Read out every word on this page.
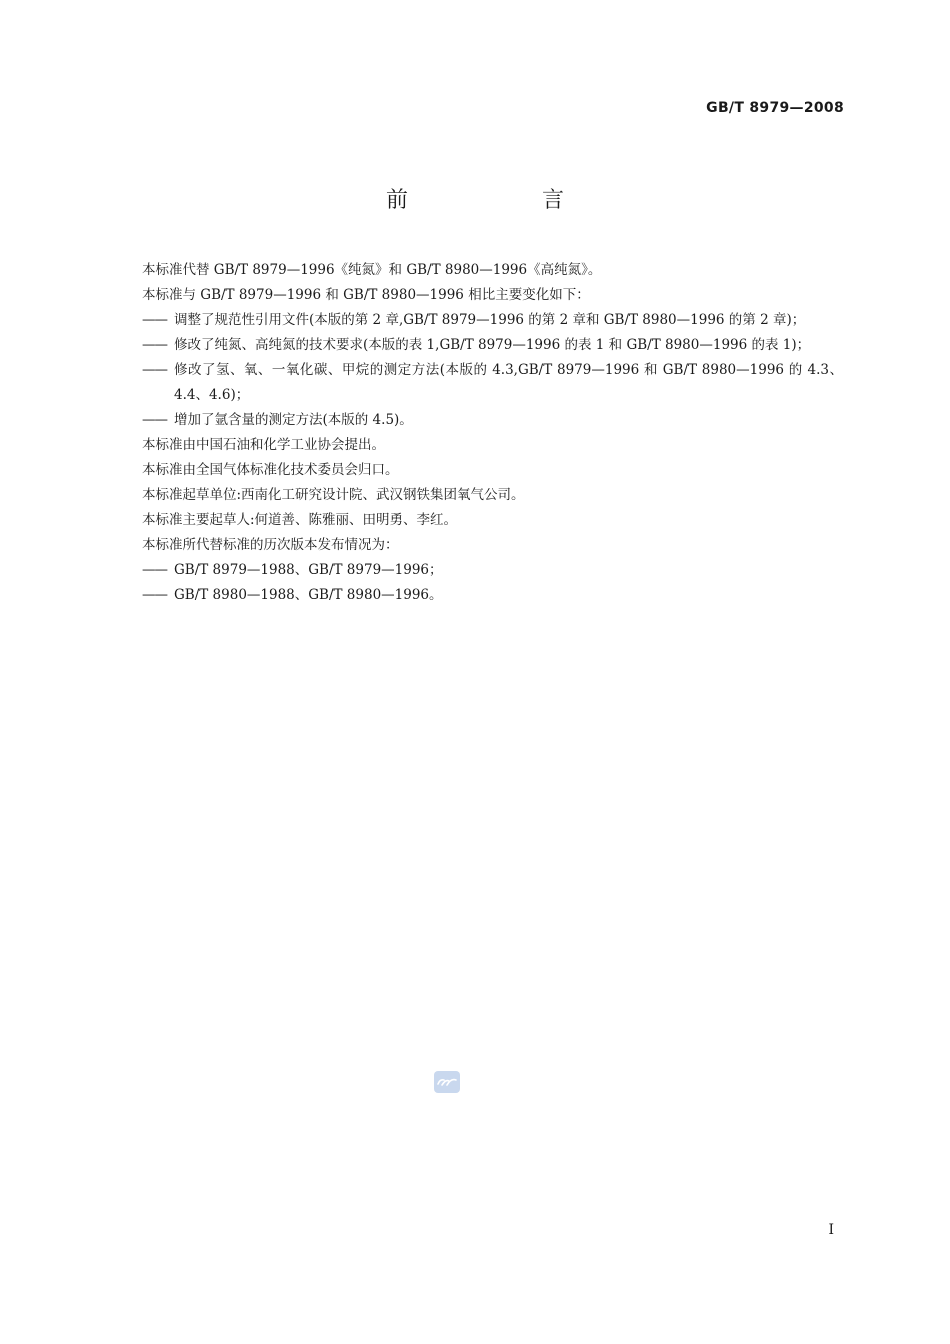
GB/T 8979—2008
前　言

本标准代替 GB/T 8979—1996《纯氮》和 GB/T 8980—1996《高纯氮》。

本标准与 GB/T 8979—1996 和 GB/T 8980—1996 相比主要变化如下：

—— 调整了规范性引用文件(本版的第 2 章,GB/T 8979—1996 的第 2 章和 GB/T 8980—1996 的第 2 章)；
—— 修改了纯氮、高纯氮的技术要求(本版的表 1,GB/T 8979—1996 的表 1 和 GB/T 8980—1996 的表 1)；
—— 修改了氢、氧、一氧化碳、甲烷的测定方法(本版的 4.3,GB/T 8979—1996 和 GB/T 8980—1996 的 4.3、4.4、4.6)；
—— 增加了氩含量的测定方法(本版的 4.5)。

本标准由中国石油和化学工业协会提出。

本标准由全国气体标准化技术委员会归口。

本标准起草单位:西南化工研究设计院、武汉钢铁集团氧气公司。

本标准主要起草人:何道善、陈雅丽、田明勇、李红。

本标准所代替标准的历次版本发布情况为：

—— GB/T 8979—1988、GB/T 8979—1996；
—— GB/T 8980—1988、GB/T 8980—1996。
I
